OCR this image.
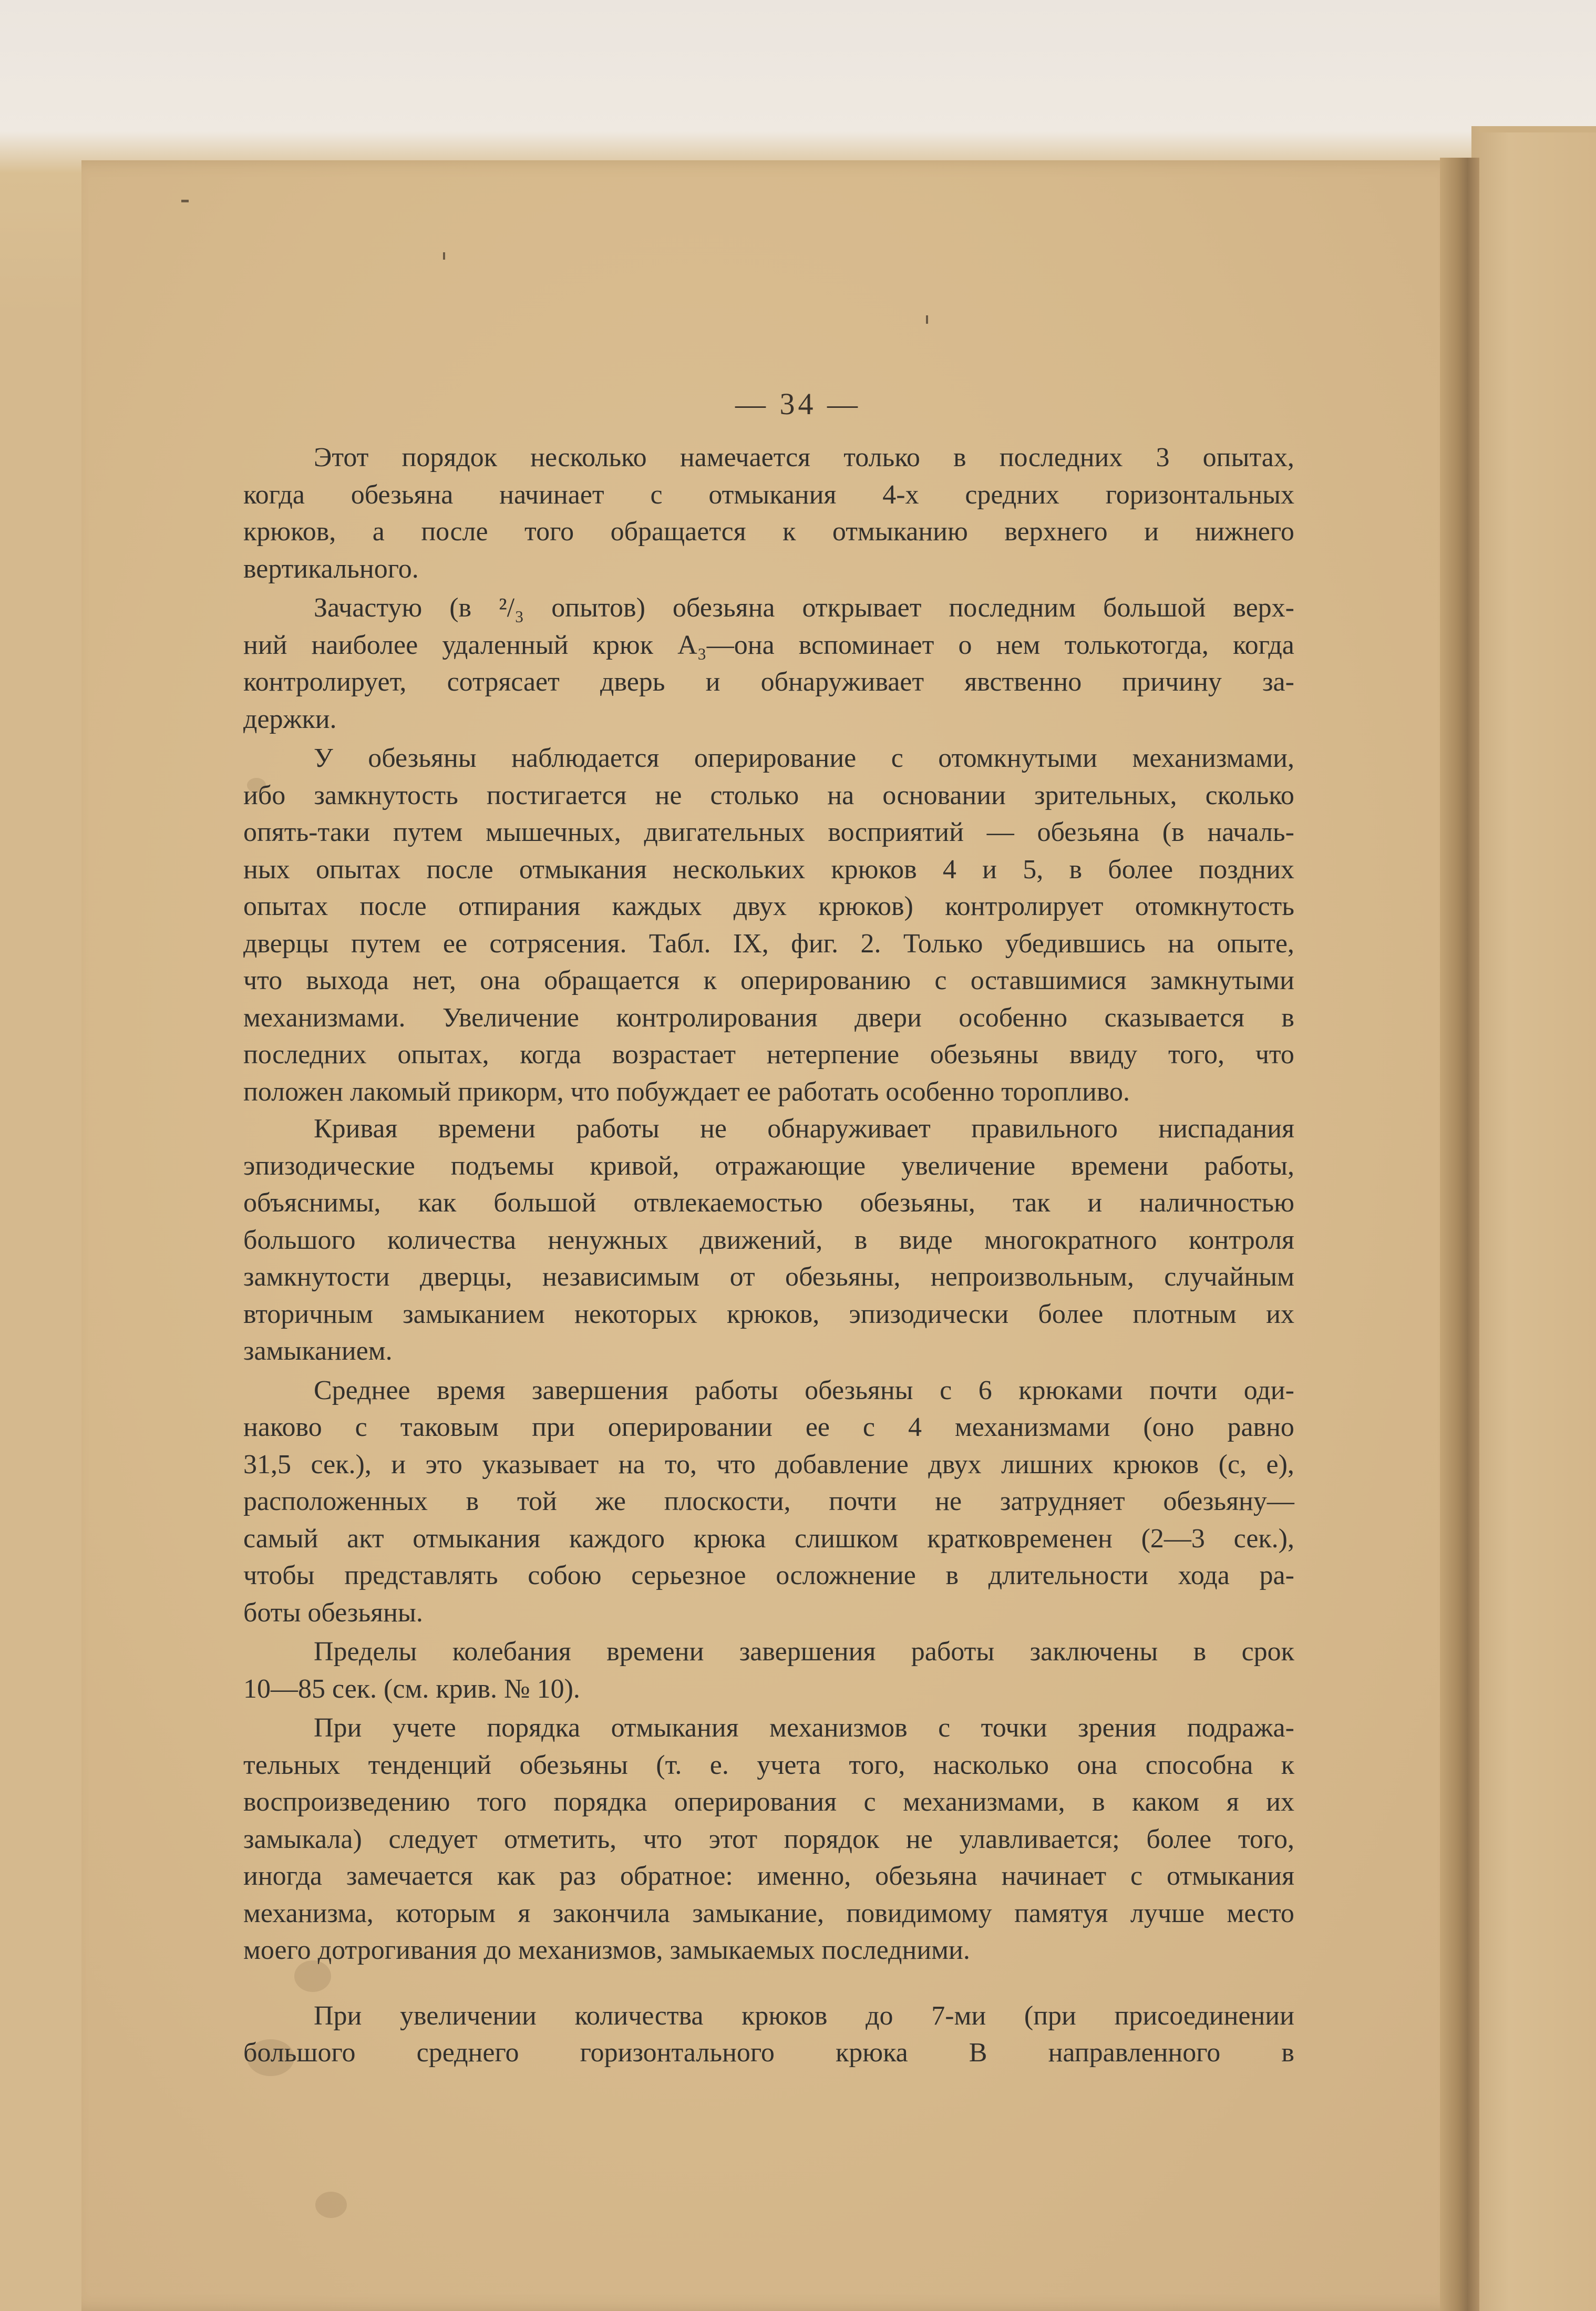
— 34 —
Этот порядок несколько намечается только в последних 3 опытах,
когда обезьяна начинает с отмыкания 4-х средних горизонтальных
крюков, а после того обращается к отмыканию верхнего и нижнего
вертикального.
Зачастую (в ²/₃ опытов) обезьяна открывает последним большой верх-
ний наиболее удаленный крюк A₃—она вспоминает о нем толькотогда, когда
контролирует, сотрясает дверь и обнаруживает явственно причину за-
держки.
У обезьяны наблюдается оперирование с отомкнутыми механизмами,
ибо замкнутость постигается не столько на основании зрительных, сколько
опять-таки путем мышечных, двигательных восприятий — обезьяна (в началь-
ных опытах после отмыкания нескольких крюков 4 и 5, в более поздних
опытах после отпирания каждых двух крюков) контролирует отомкнутость
дверцы путем ее сотрясения. Табл. IX, фиг. 2. Только убедившись на опыте,
что выхода нет, она обращается к оперированию с оставшимися замкнутыми
механизмами. Увеличение контролирования двери особенно сказывается в
последних опытах, когда возрастает нетерпение обезьяны ввиду того, что
положен лакомый прикорм, что побуждает ее работать особенно торопливо.
Кривая времени работы не обнаруживает правильного ниспадания
эпизодические подъемы кривой, отражающие увеличение времени работы,
объяснимы, как большой отвлекаемостью обезьяны, так и наличностью
большого количества ненужных движений, в виде многократного контроля
замкнутости дверцы, независимым от обезьяны, непроизвольным, случайным
вторичным замыканием некоторых крюков, эпизодически более плотным их
замыканием.
Среднее время завершения работы обезьяны с 6 крюками почти оди-
наково с таковым при оперировании ее с 4 механизмами (оно равно
31,5 сек.), и это указывает на то, что добавление двух лишних крюков (c, e),
расположенных в той же плоскости, почти не затрудняет обезьяну—
самый акт отмыкания каждого крюка слишком кратковременен (2—3 сек.),
чтобы представлять собою серьезное осложнение в длительности хода ра-
боты обезьяны.
Пределы колебания времени завершения работы заключены в срок
10—85 сек. (см. крив. № 10).
При учете порядка отмыкания механизмов с точки зрения подража-
тельных тенденций обезьяны (т. е. учета того, насколько она способна к
воспроизведению того порядка оперирования с механизмами, в каком я их
замыкала) следует отметить, что этот порядок не улавливается; более того,
иногда замечается как раз обратное: именно, обезьяна начинает с отмыкания
механизма, которым я закончила замыкание, повидимому памятуя лучше место
моего дотрогивания до механизмов, замыкаемых последними.
При увеличении количества крюков до 7-ми (при присоединении
большого среднего горизонтального крюка B направленного в
